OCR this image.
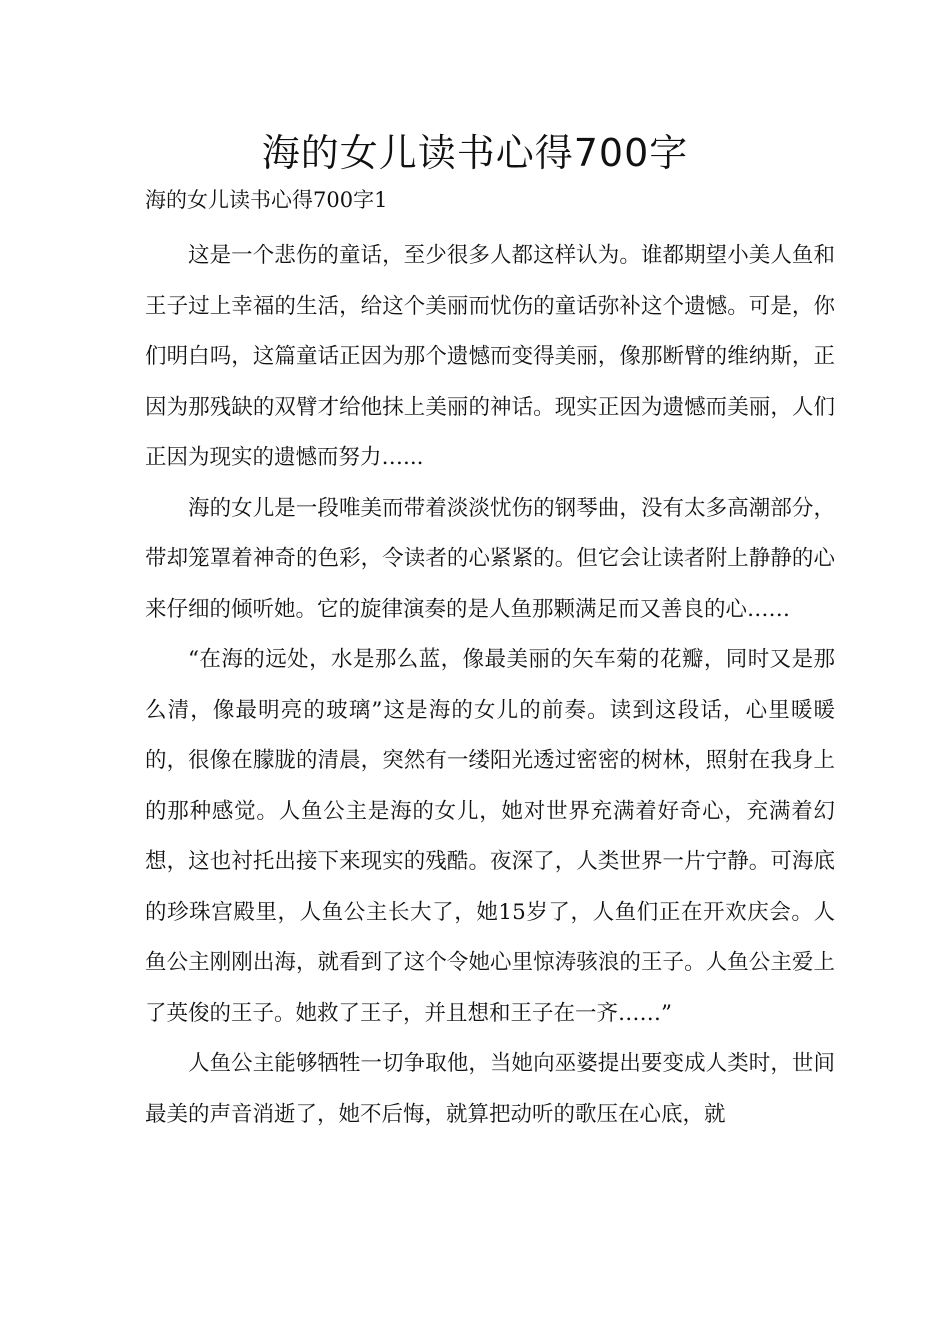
海的女儿读书心得700字

海的女儿读书心得700字1

这是一个悲伤的童话，至少很多人都这样认为。谁都期望小美人鱼和王子过上幸福的生活，给这个美丽而忧伤的童话弥补这个遗憾。可是，你们明白吗，这篇童话正因为那个遗憾而变得美丽，像那断臂的维纳斯，正因为那残缺的双臂才给他抹上美丽的神话。现实正因为遗憾而美丽，人们正因为现实的遗憾而努力…...

海的女儿是一段唯美而带着淡淡忧伤的钢琴曲，没有太多高潮部分，带却笼罩着神奇的色彩，令读者的心紧紧的。但它会让读者附上静静的心来仔细的倾听她。它的旋律演奏的是人鱼那颗满足而又善良的心……

“在海的远处，水是那么蓝，像最美丽的矢车菊的花瓣，同时又是那么清，像最明亮的玻璃”这是海的女儿的前奏。读到这段话，心里暖暖的，很像在朦胧的清晨，突然有一缕阳光透过密密的树林，照射在我身上的那种感觉。人鱼公主是海的女儿，她对世界充满着好奇心，充满着幻想，这也衬托出接下来现实的残酷。夜深了，人类世界一片宁静。可海底的珍珠宫殿里，人鱼公主长大了，她15岁了，人鱼们正在开欢庆会。人鱼公主刚刚出海，就看到了这个令她心里惊涛骇浪的王子。人鱼公主爱上了英俊的王子。她救了王子，并且想和王子在一齐……”

人鱼公主能够牺牲一切争取他，当她向巫婆提出要变成人类时，世间最美的声音消逝了，她不后悔，就算把动听的歌压在心底，就
